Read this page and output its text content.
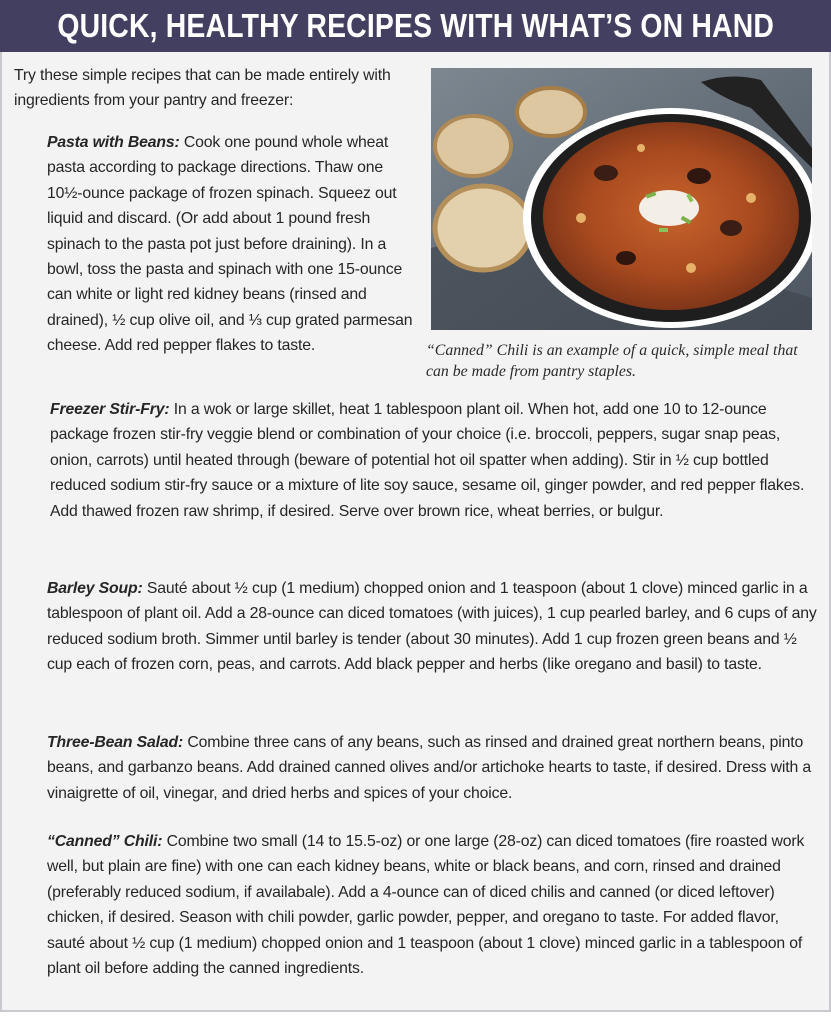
QUICK, HEALTHY RECIPES WITH WHAT’S ON HAND

Try these simple recipes that can be made entirely with ingredients from your pantry and freezer:

Pasta with Beans: Cook one pound whole wheat pasta according to package directions. Thaw one 10½-ounce package of frozen spinach. Squeez out liquid and discard. (Or add about 1 pound fresh spinach to the pasta pot just before draining). In a bowl, toss the pasta and spinach with one 15-ounce can white or light red kidney beans (rinsed and drained), ½ cup olive oil, and ⅓ cup grated parmesan cheese. Add red pepper flakes to taste.	“Canned” Chili is an example of a quick, simple meal that can be made from pantry staples.

Freezer Stir-Fry: In a wok or large skillet, heat 1 tablespoon plant oil. When hot, add one 10 to 12-ounce package frozen stir-fry veggie blend or combination of your choice (i.e. broccoli, peppers, sugar snap peas, onion, carrots) until heated through (beware of potential hot oil spatter when adding). Stir in ½ cup bottled reduced sodium stir-fry sauce or a mixture of lite soy sauce, sesame oil, ginger powder, and red pepper flakes. Add thawed frozen raw shrimp, if desired. Serve over brown rice, wheat berries, or bulgur.

Barley Soup: Sauté about ½ cup (1 medium) chopped onion and 1 teaspoon (about 1 clove) minced garlic in a tablespoon of plant oil. Add a 28-ounce can diced tomatoes (with juices), 1 cup pearled barley, and 6 cups of any reduced sodium broth. Simmer until barley is tender (about 30 minutes). Add 1 cup frozen green beans and ½ cup each of frozen corn, peas, and carrots. Add black pepper and herbs (like oregano and basil) to taste.

Three-Bean Salad: Combine three cans of any beans, such as rinsed and drained great northern beans, pinto beans, and garbanzo beans. Add drained canned olives and/or artichoke hearts to taste, if desired. Dress with a vinaigrette of oil, vinegar, and dried herbs and spices of your choice.

“Canned” Chili: Combine two small (14 to 15.5-oz) or one large (28-oz) can diced tomatoes (fire roasted work well, but plain are fine) with one can each kidney beans, white or black beans, and corn, rinsed and drained (preferably reduced sodium, if availabale). Add a 4-ounce can of diced chilis and canned (or diced leftover) chicken, if desired. Season with chili powder, garlic powder, pepper, and oregano to taste. For added flavor, sauté about ½ cup (1 medium) chopped onion and 1 teaspoon (about 1 clove) minced garlic in a tablespoon of plant oil before adding the canned ingredients.
